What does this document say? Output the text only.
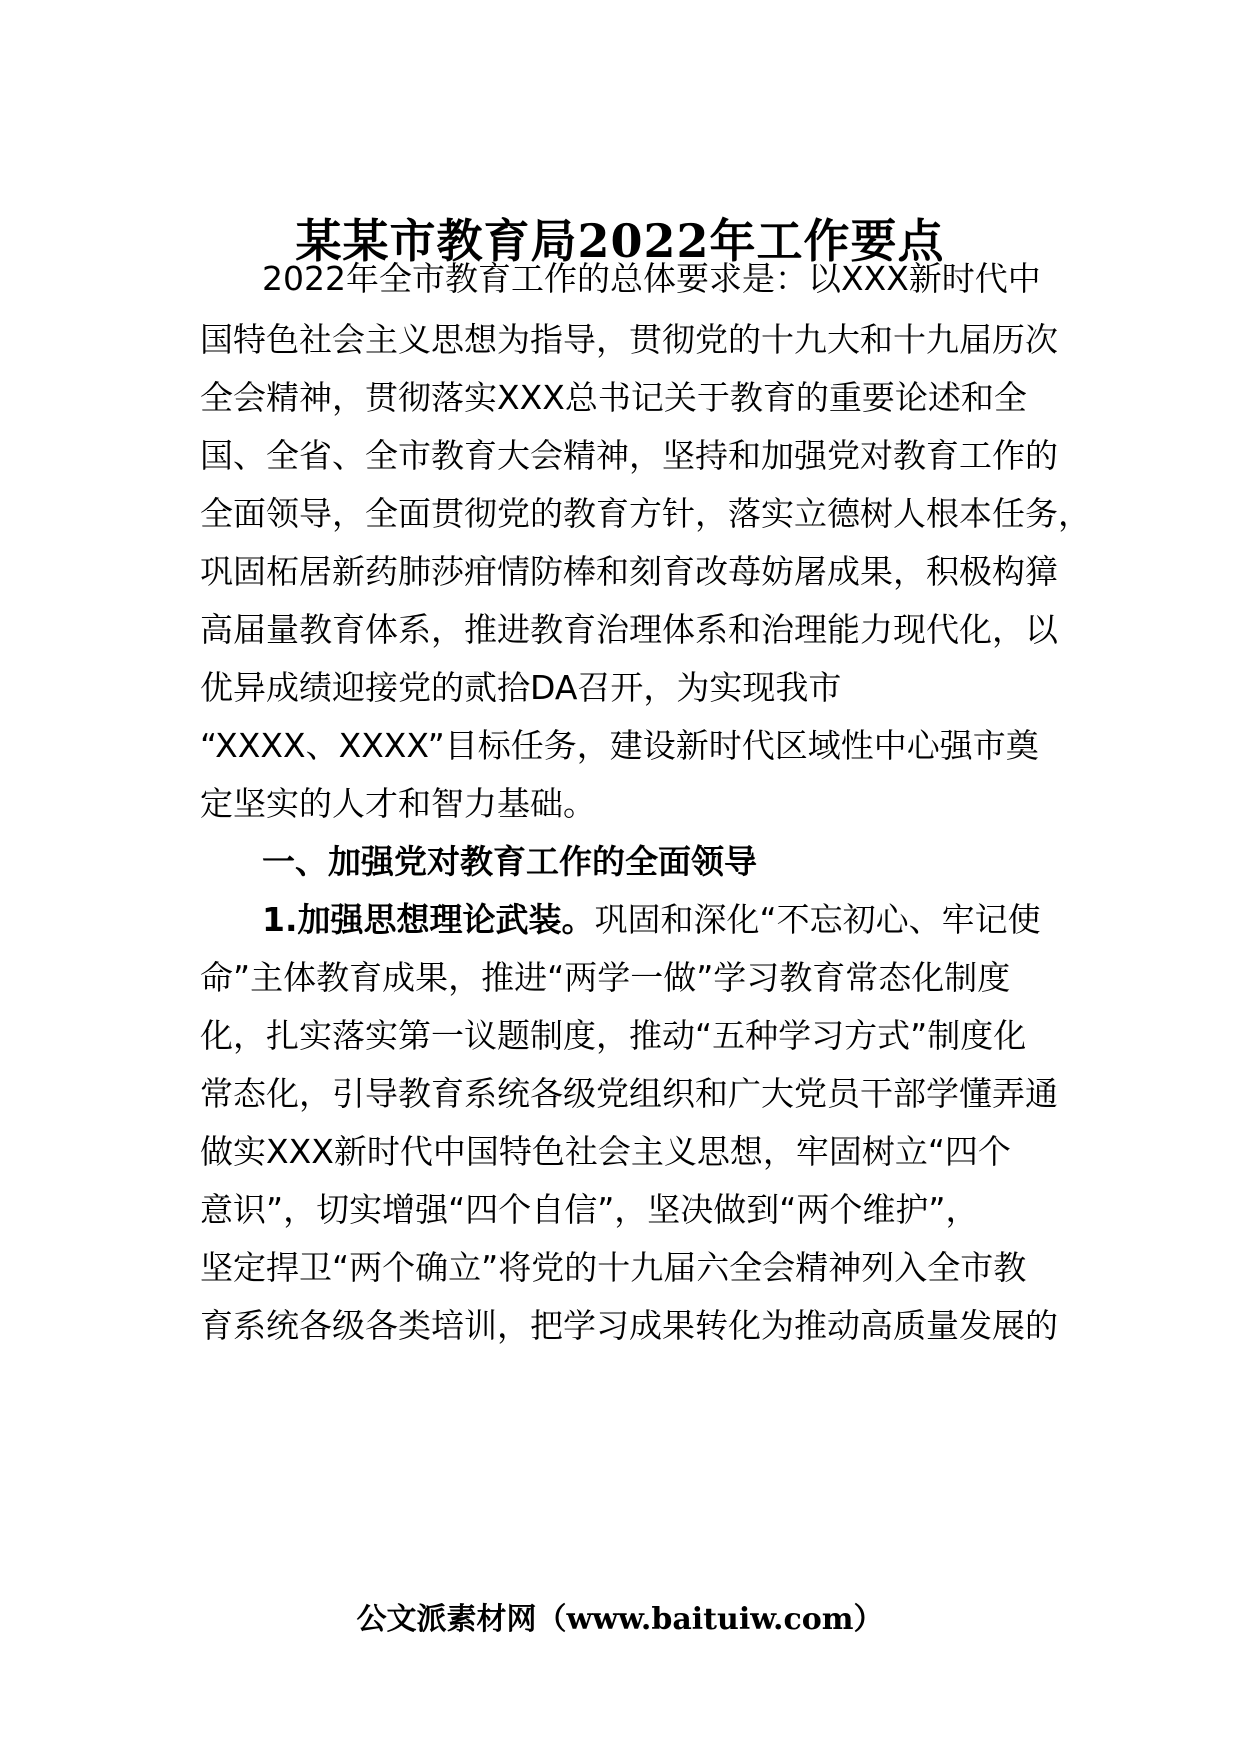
某某市教育局2022年工作要点

2022年全市教育工作的总体要求是：以XXX新时代中

国特色社会主义思想为指导，贯彻党的十九大和十九届历次

全会精神，贯彻落实XXX总书记关于教育的重要论述和全

国、全省、全市教育大会精神，坚持和加强党对教育工作的

全面领导，全面贯彻党的教育方针，落实立德树人根本任务，

巩固柘居新药肺莎疳情防棒和刻育改苺妨屠成果，积极构獐

高届量教育体系，推进教育治理体系和治理能力现代化，以

优异成绩迎接党的贰拾DA召开，为实现我市

“XXXX、XXXX”目标任务，建设新时代区域性中心强市奠

定坚实的人才和智力基础。

一、加强党对教育工作的全面领导

1.加强思想理论武装。巩固和深化“不忘初心、牢记使

命”主体教育成果，推进“两学一做”学习教育常态化制度

化，扎实落实第一议题制度，推动“五种学习方式”制度化

常态化，引导教育系统各级党组织和广大党员干部学懂弄通

做实XXX新时代中国特色社会主义思想，牢固树立“四个

意识”，切实增强“四个自信”，坚决做到“两个维护”，

坚定捍卫“两个确立”将党的十九届六全会精神列入全市教

育系统各级各类培训，把学习成果转化为推动高质量发展的

公文派素材网（www.baituiw.com）
